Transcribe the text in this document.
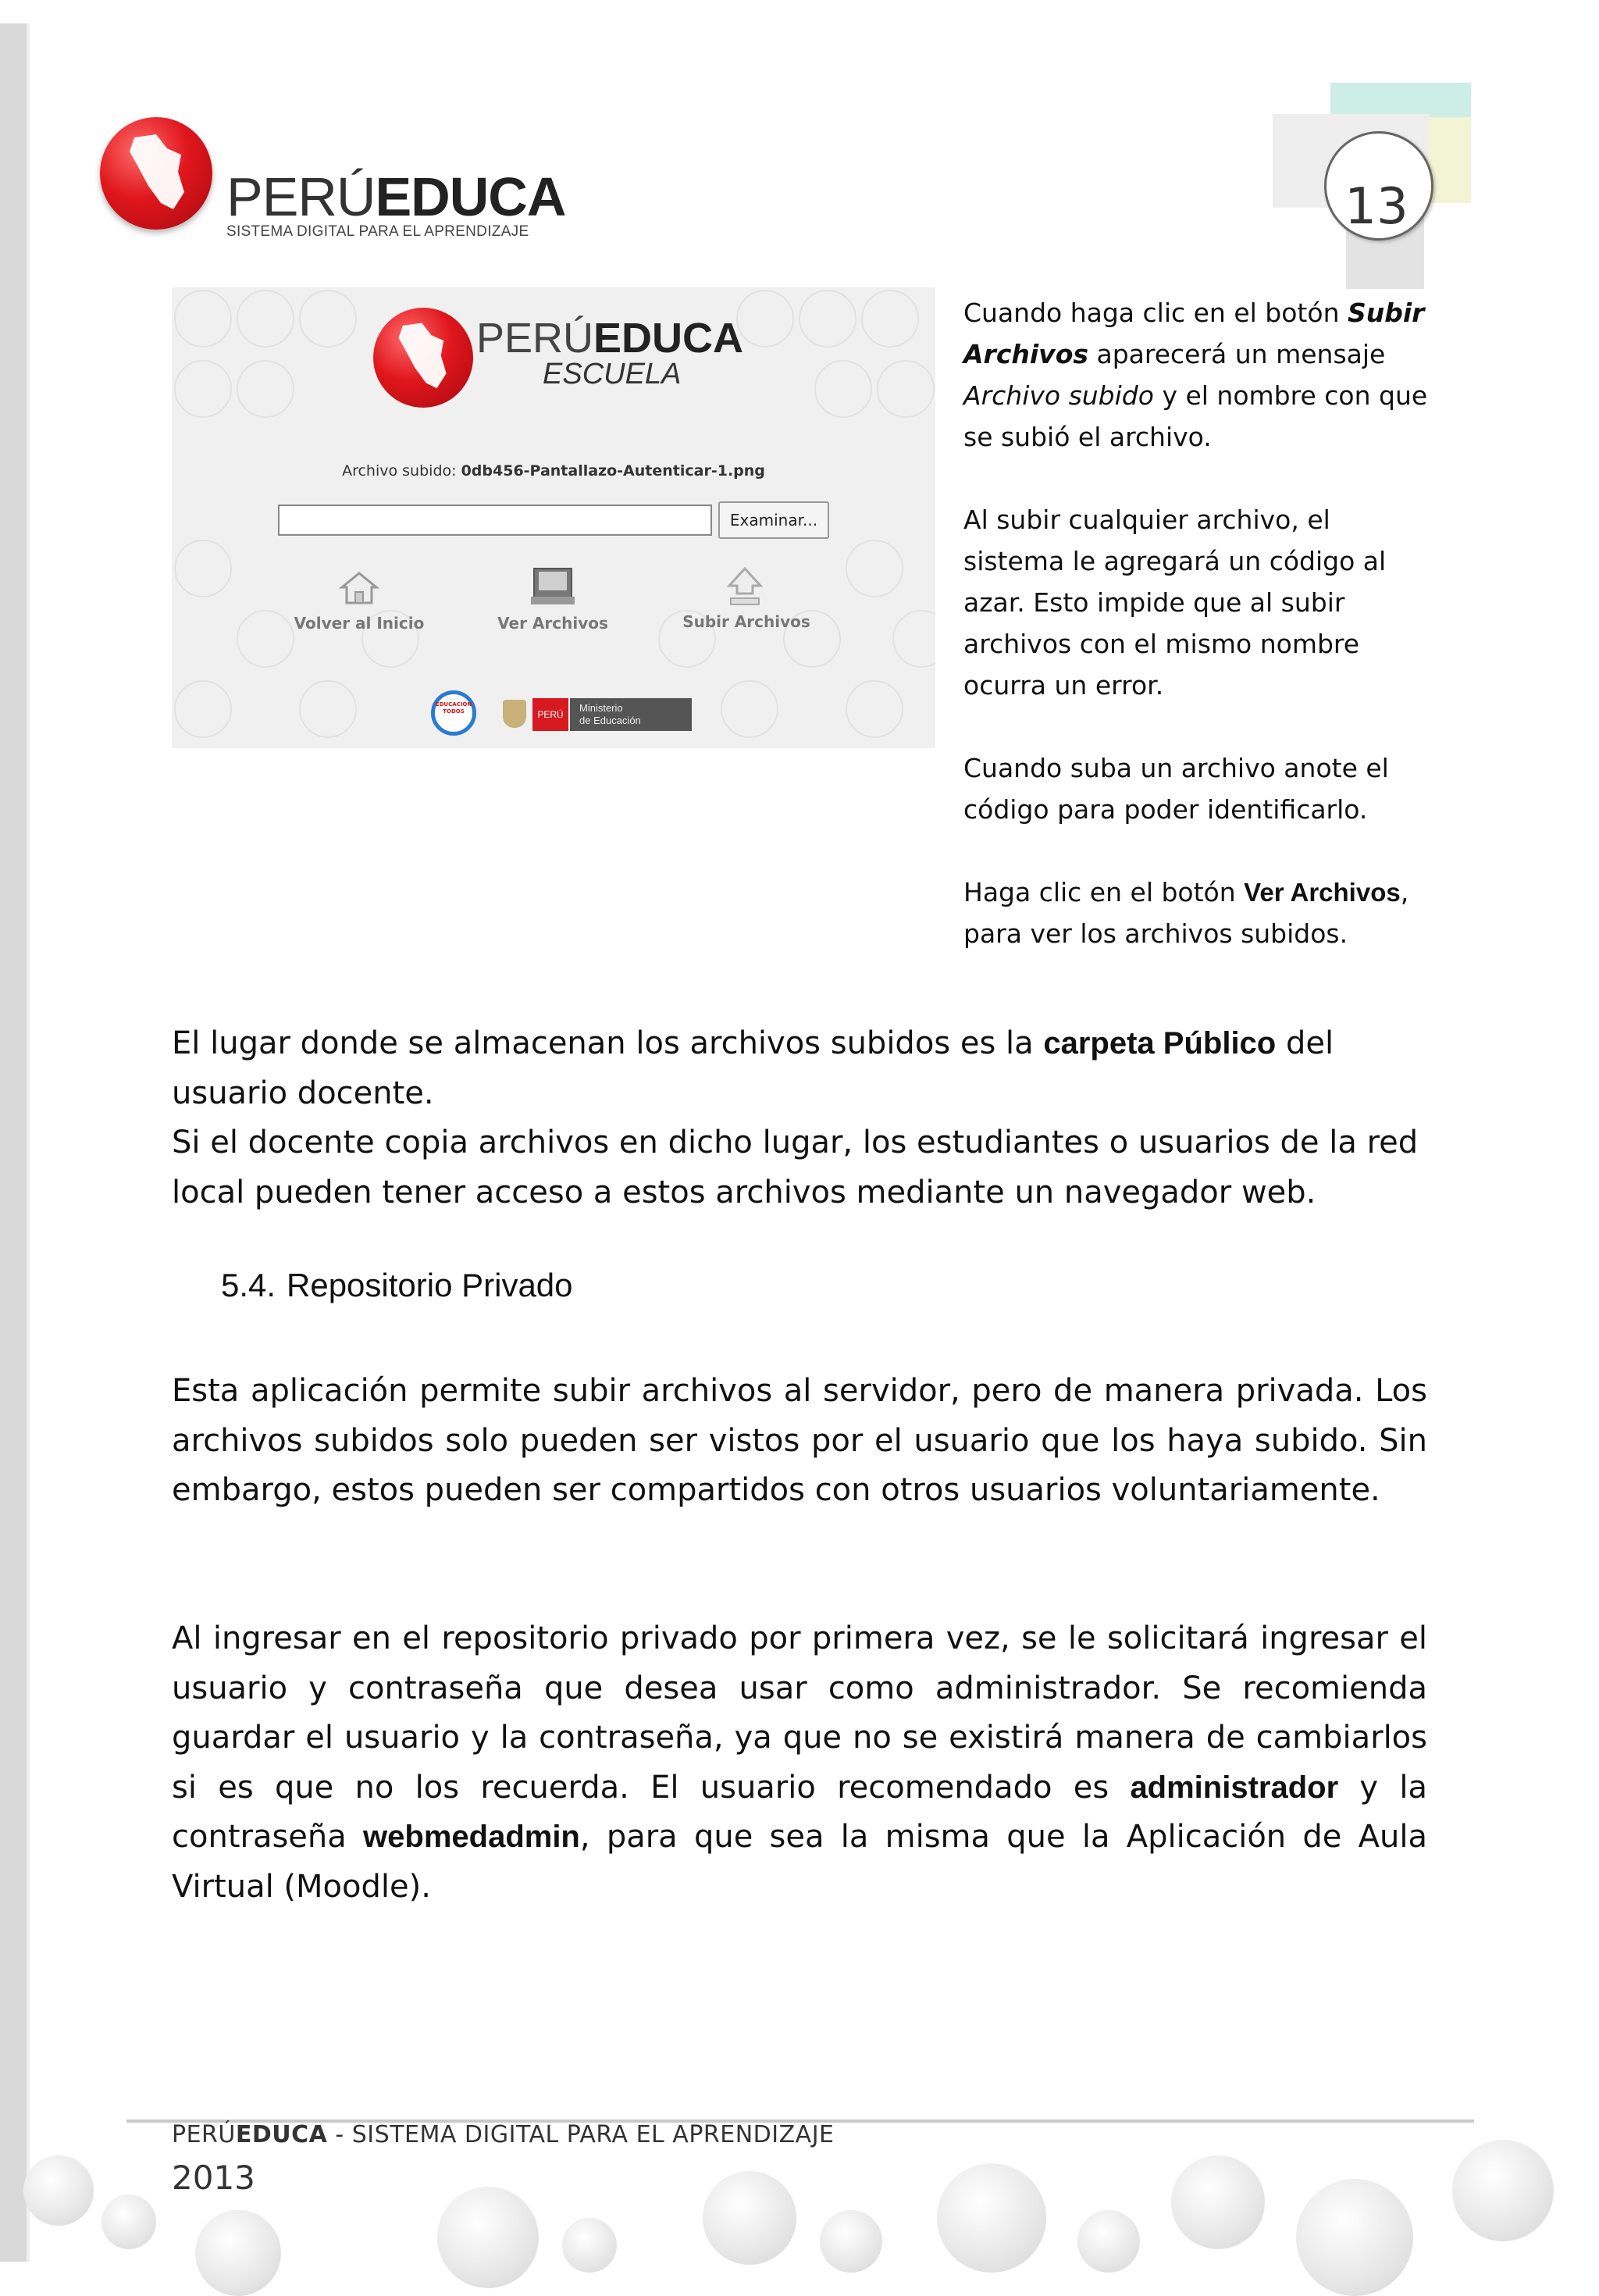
PERÚEDUCA
SISTEMA DIGITAL PARA EL APRENDIZAJE	13
PERÚEDUCA
ESCUELA
Archivo subido: 0db456-Pantallazo-Autenticar-1.png
Examinar...
Volver al Inicio	Ver Archivos	Subir Archivos
EDUCACIÓN TODOS	PERÚ
Ministerio
de Educación

Cuando haga clic en el botón Subir Archivos aparecerá un mensaje Archivo subido y el nombre con que se subió el archivo.

Al subir cualquier archivo, el sistema le agregará un código al azar. Esto impide que al subir archivos con el mismo nombre ocurra un error.

Cuando suba un archivo anote el código para poder identificarlo.

Haga clic en el botón Ver Archivos, para ver los archivos subidos.

El lugar donde se almacenan los archivos subidos es la carpeta Público del usuario docente.
Si el docente copia archivos en dicho lugar, los estudiantes o usuarios de la red local pueden tener acceso a estos archivos mediante un navegador web.
5.4. Repositorio Privado
Esta aplicación permite subir archivos al servidor, pero de manera privada. Los archivos subidos solo pueden ser vistos por el usuario que los haya subido. Sin embargo, estos pueden ser compartidos con otros usuarios voluntariamente.
Al ingresar en el repositorio privado por primera vez, se le solicitará ingresar el usuario y contraseña que desea usar como administrador. Se recomienda guardar el usuario y la contraseña, ya que no se existirá manera de cambiarlos si es que no los recuerda. El usuario recomendado es administrador y la contraseña webmedadmin, para que sea la misma que la Aplicación de Aula Virtual (Moodle).
PERÚEDUCA - SISTEMA DIGITAL PARA EL APRENDIZAJE
2013
